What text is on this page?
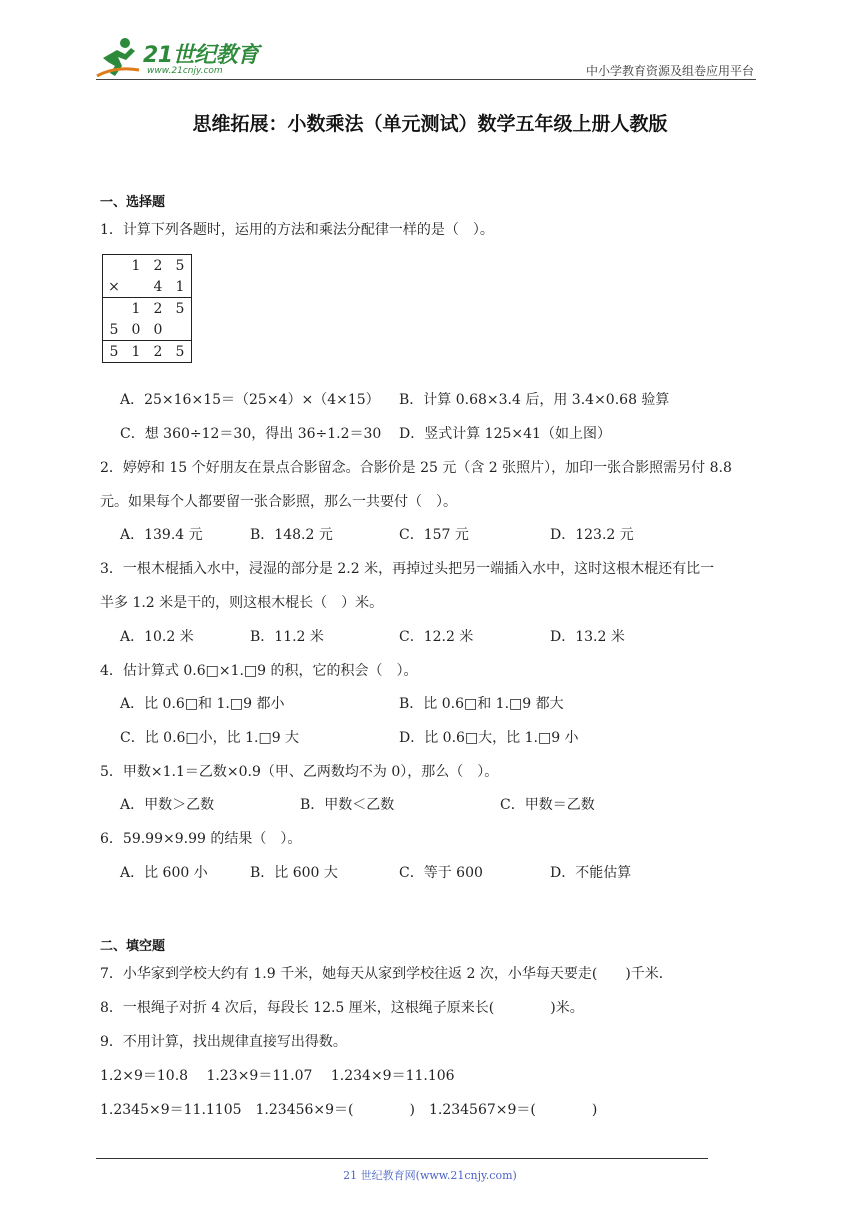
21世纪教育
www.21cnjy.com	中小学教育资源及组卷应用平台
思维拓展：小数乘法（单元测试）数学五年级上册人教版
一、选择题
1．计算下列各题时，运用的方法和乘法分配律一样的是（　）。
	1	2	5
×		4	1
	1	2	5
5	0	0	
5	1	2	5
A．25×16×15＝（25×4）×（4×15） B．计算 0.68×3.4 后，用 3.4×0.68 验算
C．想 360÷12＝30，得出 36÷1.2＝30 D．竖式计算 125×41（如上图）
2．婷婷和 15 个好朋友在景点合影留念。合影价是 25 元（含 2 张照片），加印一张合影照需另付 8.8
元。如果每个人都要留一张合影照，那么一共要付（　）。
A．139.4 元	B．148.2 元	C．157 元	D．123.2 元
3．一根木棍插入水中，浸湿的部分是 2.2 米，再掉过头把另一端插入水中，这时这根木棍还有比一
半多 1.2 米是干的，则这根木棍长（　）米。
A．10.2 米	B．11.2 米	C．12.2 米	D．13.2 米
4．估计算式 0.6□×1.□9 的积，它的积会（　）。
A．比 0.6□和 1.□9 都小	B．比 0.6□和 1.□9 都大
C．比 0.6□小，比 1.□9 大	D．比 0.6□大，比 1.□9 小
5．甲数×1.1＝乙数×0.9（甲、乙两数均不为 0），那么（　）。
A．甲数＞乙数	B．甲数＜乙数	C．甲数＝乙数
6．59.99×9.99 的结果（　）。
A．比 600 小	B．比 600 大	C．等于 600	D．不能估算
二、填空题
7．小华家到学校大约有 1.9 千米，她每天从家到学校往返 2 次，小华每天要走(　　)千米．
8．一根绳子对折 4 次后，每段长 12.5 厘米，这根绳子原来长(　　　　)米。
9．不用计算，找出规律直接写出得数。
1.2×9＝10.8　 1.23×9＝11.07　 1.234×9＝11.106
1.2345×9＝11.1105　1.23456×9＝(　　　　)　1.234567×9＝(　　　　)
21 世纪教育网(www.21cnjy.com)
